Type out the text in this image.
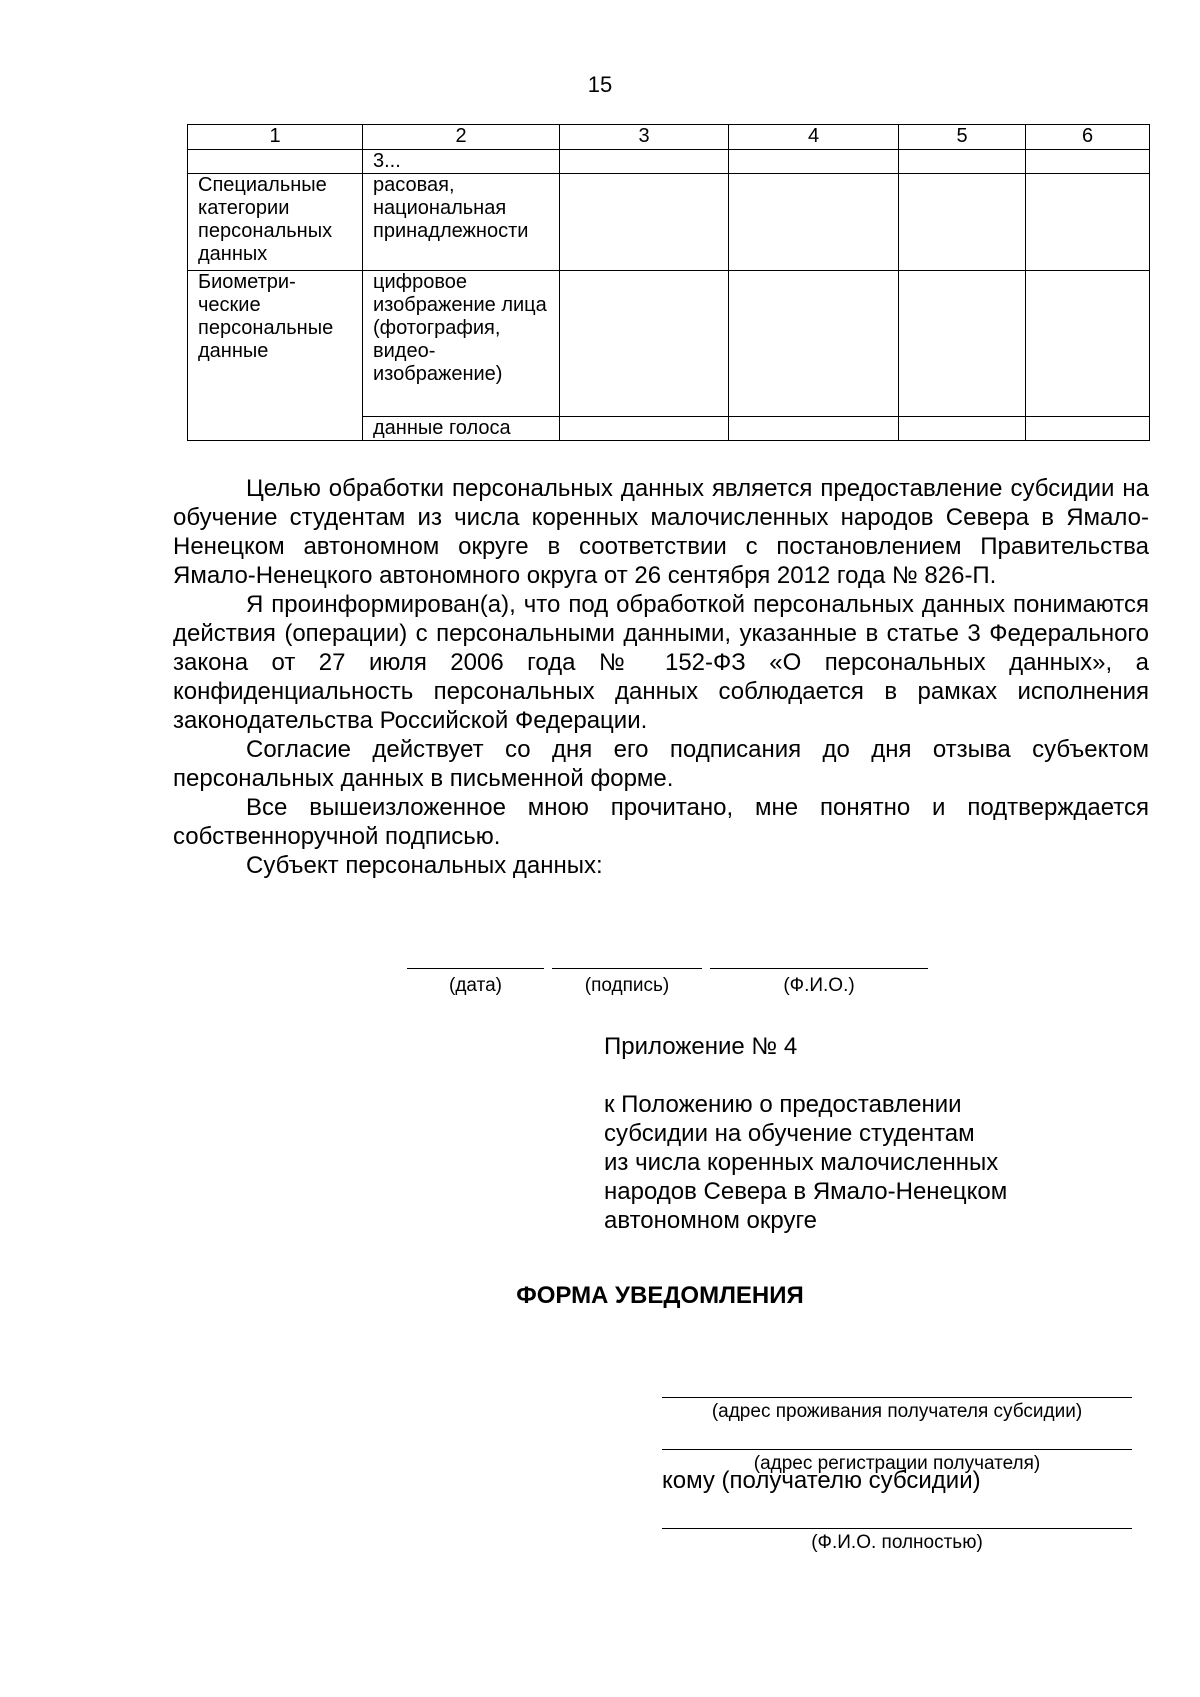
15
1	2	3	4	5	6
	3...				
Специальные категории персональных данных	расовая, национальная принадлежности				
Биометри-ческие персональные данные	цифровое изображение лица (фотография, видео-изображение)				
	данные голоса				

Целью обработки персональных данных является предоставление субсидии на обучение студентам из числа коренных малочисленных народов Севера в Ямало-Ненецком автономном округе в соответствии с постановлением Правительства Ямало-Ненецкого автономного округа от 26 сентября 2012 года № 826-П.

Я проинформирован(а), что под обработкой персональных данных понимаются действия (операции) с персональными данными, указанные в статье 3 Федерального закона от 27 июля 2006 года № 152-ФЗ «О персональных данных», а конфиденциальность персональных данных соблюдается в рамках исполнения законодательства Российской Федерации.

Согласие действует со дня его подписания до дня отзыва субъектом персональных данных в письменной форме.

Все вышеизложенное мною прочитано, мне понятно и подтверждается собственноручной подписью.

Субъект персональных данных:

(дата)	(подпись)	(Ф.И.О.)
Приложение № 4
к Положению о предоставлении
субсидии на обучение студентам
из числа коренных малочисленных
народов Севера в Ямало-Ненецком
автономном округе
ФОРМА УВЕДОМЛЕНИЯ
(адрес проживания получателя субсидии)
(адрес регистрации получателя)
кому (получателю субсидии)
(Ф.И.О. полностью)
